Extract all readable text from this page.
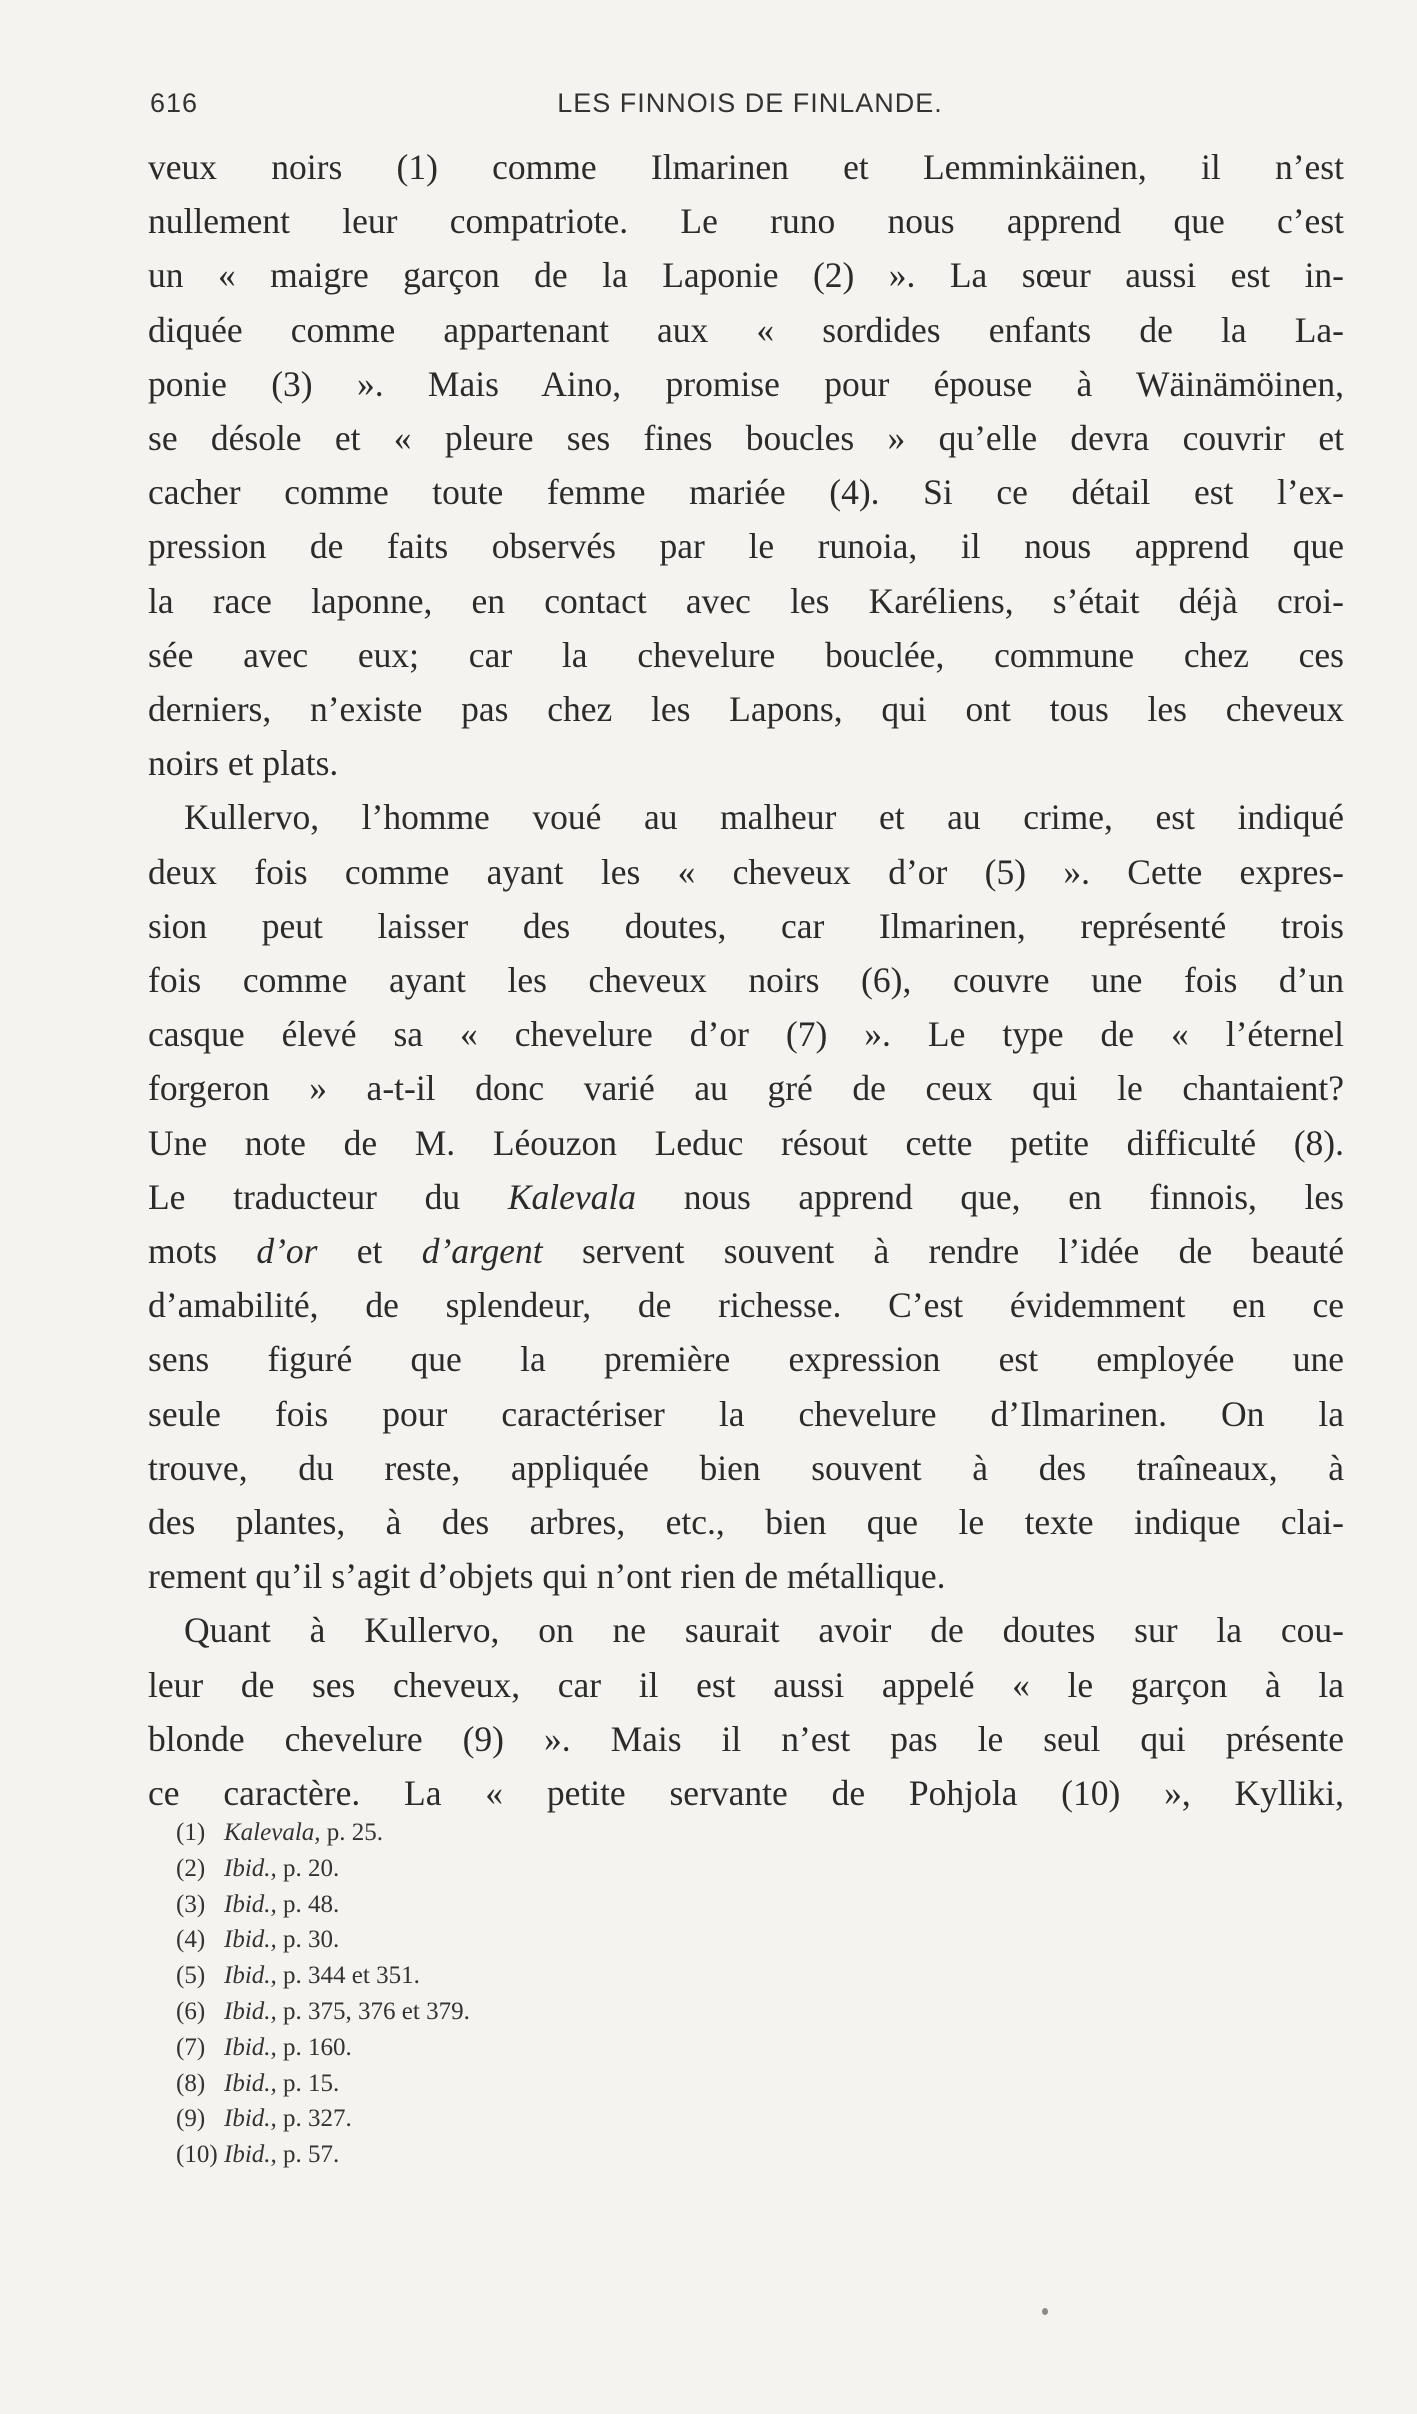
616	LES FINNOIS DE FINLANDE.
veux noirs (1) comme Ilmarinen et Lemminkäinen, il n’est
nullement leur compatriote. Le runo nous apprend que c’est
un « maigre garçon de la Laponie (2) ». La sœur aussi est in-
diquée comme appartenant aux « sordides enfants de la La-
ponie (3) ». Mais Aino, promise pour épouse à Wäinämöinen,
se désole et « pleure ses fines boucles » qu’elle devra couvrir et
cacher comme toute femme mariée (4). Si ce détail est l’ex-
pression de faits observés par le runoia, il nous apprend que
la race laponne, en contact avec les Karéliens, s’était déjà croi-
sée avec eux; car la chevelure bouclée, commune chez ces
derniers, n’existe pas chez les Lapons, qui ont tous les cheveux
noirs et plats.
Kullervo, l’homme voué au malheur et au crime, est indiqué
deux fois comme ayant les « cheveux d’or (5) ». Cette expres-
sion peut laisser des doutes, car Ilmarinen, représenté trois
fois comme ayant les cheveux noirs (6), couvre une fois d’un
casque élevé sa « chevelure d’or (7) ». Le type de « l’éternel
forgeron » a-t-il donc varié au gré de ceux qui le chantaient?
Une note de M. Léouzon Leduc résout cette petite difficulté (8).
Le traducteur du Kalevala nous apprend que, en finnois, les
mots d’or et d’argent servent souvent à rendre l’idée de beauté
d’amabilité, de splendeur, de richesse. C’est évidemment en ce
sens figuré que la première expression est employée une
seule fois pour caractériser la chevelure d’Ilmarinen. On la
trouve, du reste, appliquée bien souvent à des traîneaux, à
des plantes, à des arbres, etc., bien que le texte indique clai-
rement qu’il s’agit d’objets qui n’ont rien de métallique.
Quant à Kullervo, on ne saurait avoir de doutes sur la cou-
leur de ses cheveux, car il est aussi appelé « le garçon à la
blonde chevelure (9) ». Mais il n’est pas le seul qui présente
ce caractère. La « petite servante de Pohjola (10) », Kylliki,
(1) Kalevala, p. 25.
(2) Ibid., p. 20.
(3) Ibid., p. 48.
(4) Ibid., p. 30.
(5) Ibid., p. 344 et 351.
(6) Ibid., p. 375, 376 et 379.
(7) Ibid., p. 160.
(8) Ibid., p. 15.
(9) Ibid., p. 327.
(10) Ibid., p. 57.
